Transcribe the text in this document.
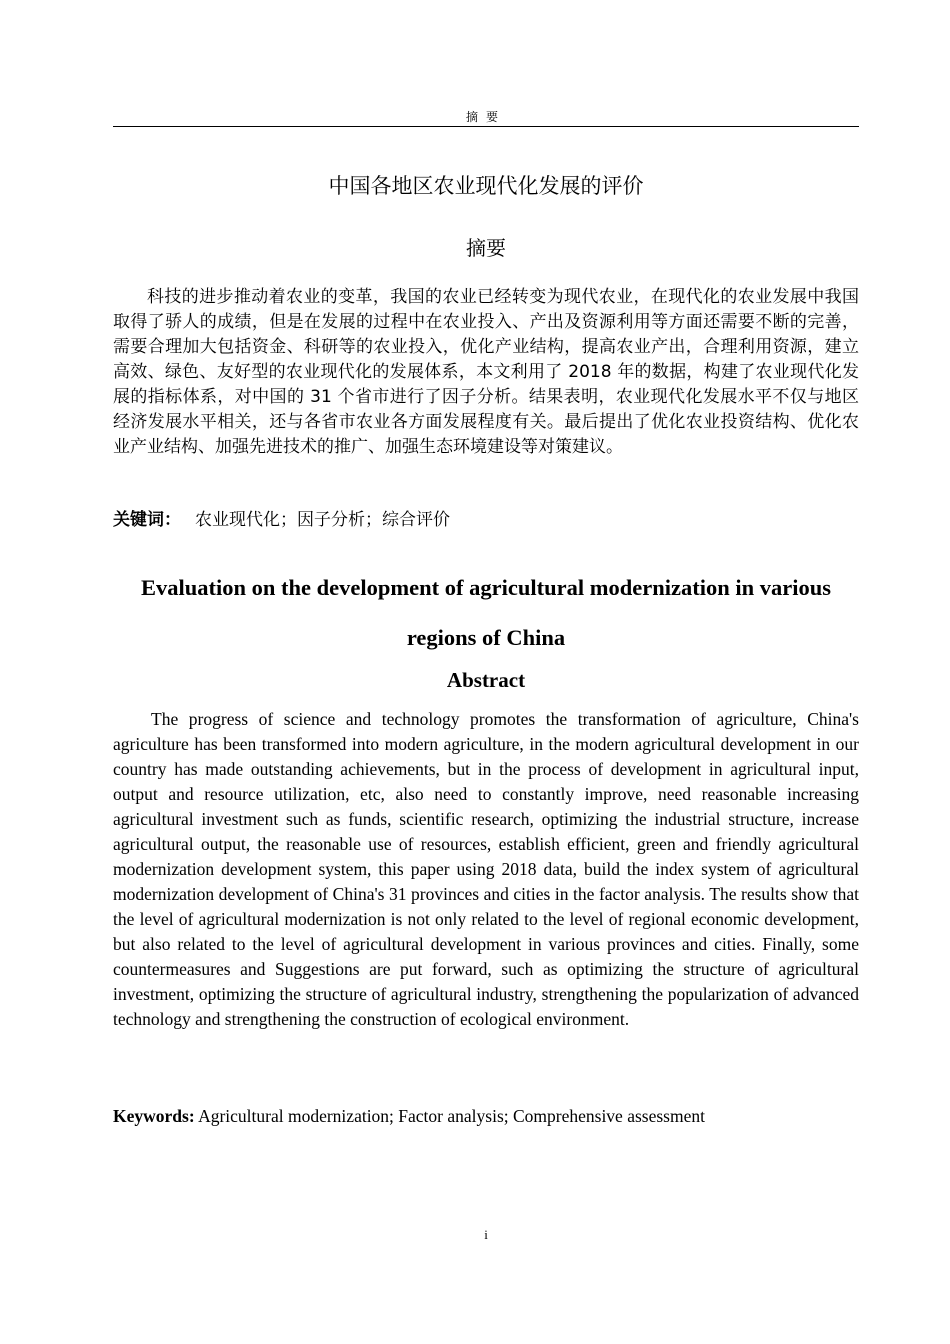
摘要
中国各地区农业现代化发展的评价
摘要

科技的进步推动着农业的变革，我国的农业已经转变为现代农业，在现代化的农业发展中我国取得了骄人的成绩，但是在发展的过程中在农业投入、产出及资源利用等方面还需要不断的完善，需要合理加大包括资金、科研等的农业投入，优化产业结构，提高农业产出，合理利用资源，建立高效、绿色、友好型的农业现代化的发展体系，本文利用了 2018 年的数据，构建了农业现代化发展的指标体系，对中国的 31 个省市进行了因子分析。结果表明，农业现代化发展水平不仅与地区经济发展水平相关，还与各省市农业各方面发展程度有关。最后提出了优化农业投资结构、优化农业产业结构、加强先进技术的推广、加强生态环境建设等对策建议。

关键词： 农业现代化；因子分析；综合评价

Evaluation on the development of agricultural modernization in various regions of China

Abstract

The progress of science and technology promotes the transformation of agriculture, China's agriculture has been transformed into modern agriculture, in the modern agricultural development in our country has made outstanding achievements, but in the process of development in agricultural input, output and resource utilization, etc, also need to constantly improve, need reasonable increasing agricultural investment such as funds, scientific research, optimizing the industrial structure, increase agricultural output, the reasonable use of resources, establish efficient, green and friendly agricultural modernization development system, this paper using 2018 data, build the index system of agricultural modernization development of China's 31 provinces and cities in the factor analysis. The results show that the level of agricultural modernization is not only related to the level of regional economic development, but also related to the level of agricultural development in various provinces and cities. Finally, some countermeasures and Suggestions are put forward, such as optimizing the structure of agricultural investment, optimizing the structure of agricultural industry, strengthening the popularization of advanced technology and strengthening the construction of ecological environment.

Keywords: Agricultural modernization; Factor analysis; Comprehensive assessment
i
